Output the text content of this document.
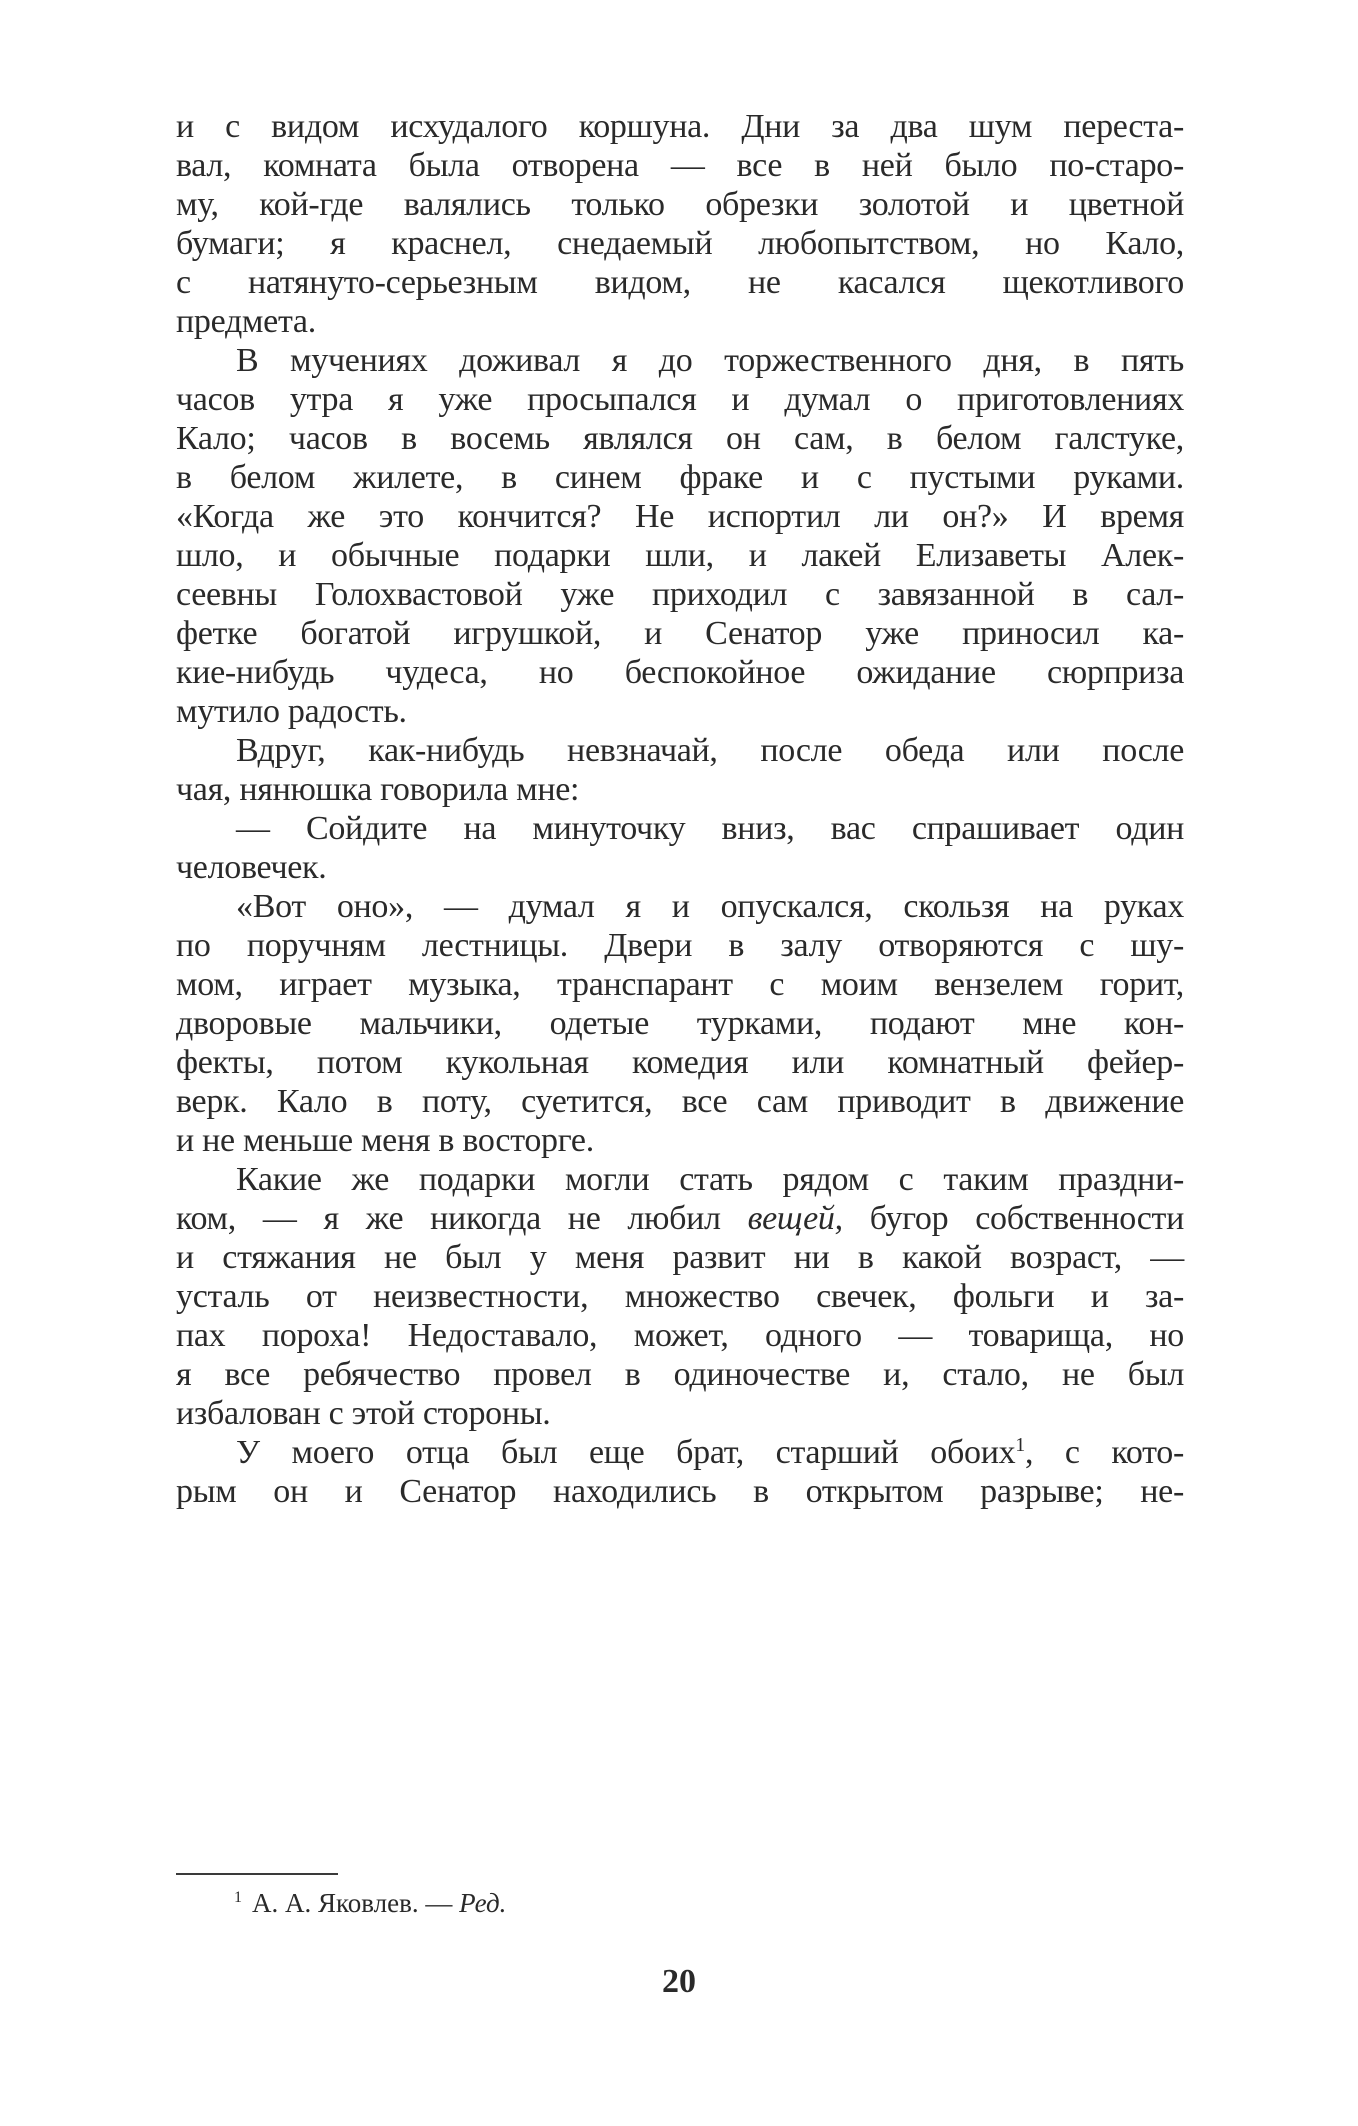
и с видом исхудалого коршуна. Дни за два шум переста-
вал, комната была отворена — все в ней было по-старо-
му, кой-где валялись только обрезки золотой и цветной
бумаги; я краснел, снедаемый любопытством, но Кало,
с натянуто-серьезным видом, не касался щекотливого
предмета.
В мучениях доживал я до торжественного дня, в пять
часов утра я уже просыпался и думал о приготовлениях
Кало; часов в восемь являлся он сам, в белом галстуке,
в белом жилете, в синем фраке и с пустыми руками.
«Когда же это кончится? Не испортил ли он?» И время
шло, и обычные подарки шли, и лакей Елизаветы Алек-
сеевны Голохвастовой уже приходил с завязанной в сал-
фетке богатой игрушкой, и Сенатор уже приносил ка-
кие-нибудь чудеса, но беспокойное ожидание сюрприза
мутило радость.
Вдруг, как-нибудь невзначай, после обеда или после
чая, нянюшка говорила мне:
— Сойдите на минуточку вниз, вас спрашивает один
человечек.
«Вот оно», — думал я и опускался, скользя на руках
по поручням лестницы. Двери в залу отворяются с шу-
мом, играет музыка, транспарант с моим вензелем горит,
дворовые мальчики, одетые турками, подают мне кон-
фекты, потом кукольная комедия или комнатный фейер-
верк. Кало в поту, суетится, все сам приводит в движение
и не меньше меня в восторге.
Какие же подарки могли стать рядом с таким праздни-
ком, — я же никогда не любил вещей, бугор собственности
и стяжания не был у меня развит ни в какой возраст, —
усталь от неизвестности, множество свечек, фольги и за-
пах пороха! Недоставало, может, одного — товарища, но
я все ребячество провел в одиночестве и, стало, не был
избалован с этой стороны.
У моего отца был еще брат, старший обоих$^1$, с кото-
рым он и Сенатор находились в открытом разрыве; не-
$^1$ А. А. Яковлев. — Ред.
20
